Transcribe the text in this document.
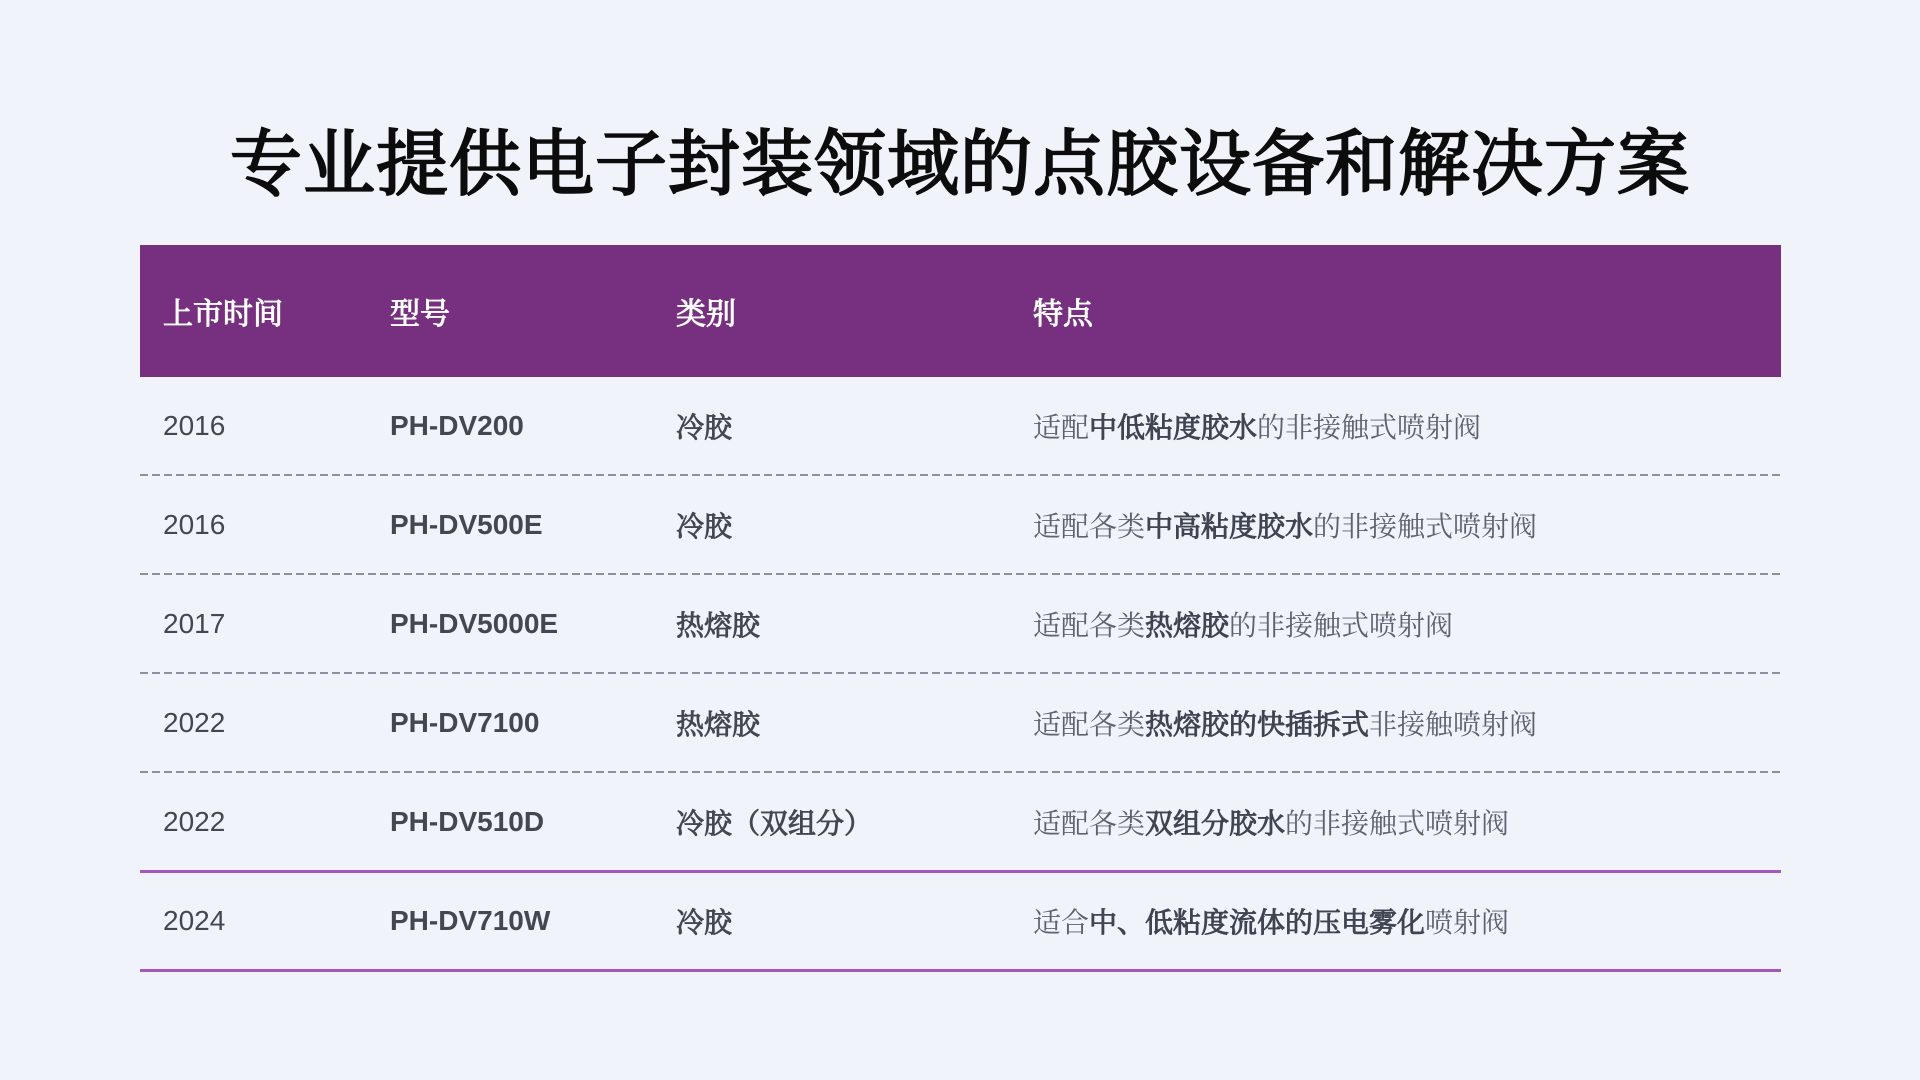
专业提供电子封装领域的点胶设备和解决方案
上市时间	型号	类别	特点
2016	PH-DV200	冷胶	适配中低粘度胶水的非接触式喷射阀
2016	PH-DV500E	冷胶	适配各类中高粘度胶水的非接触式喷射阀
2017	PH-DV5000E	热熔胶	适配各类热熔胶的非接触式喷射阀
2022	PH-DV7100	热熔胶	适配各类热熔胶的快插拆式非接触喷射阀
2022	PH-DV510D	冷胶（双组分）	适配各类双组分胶水的非接触式喷射阀
2024	PH-DV710W	冷胶	适合中、低粘度流体的压电雾化喷射阀
